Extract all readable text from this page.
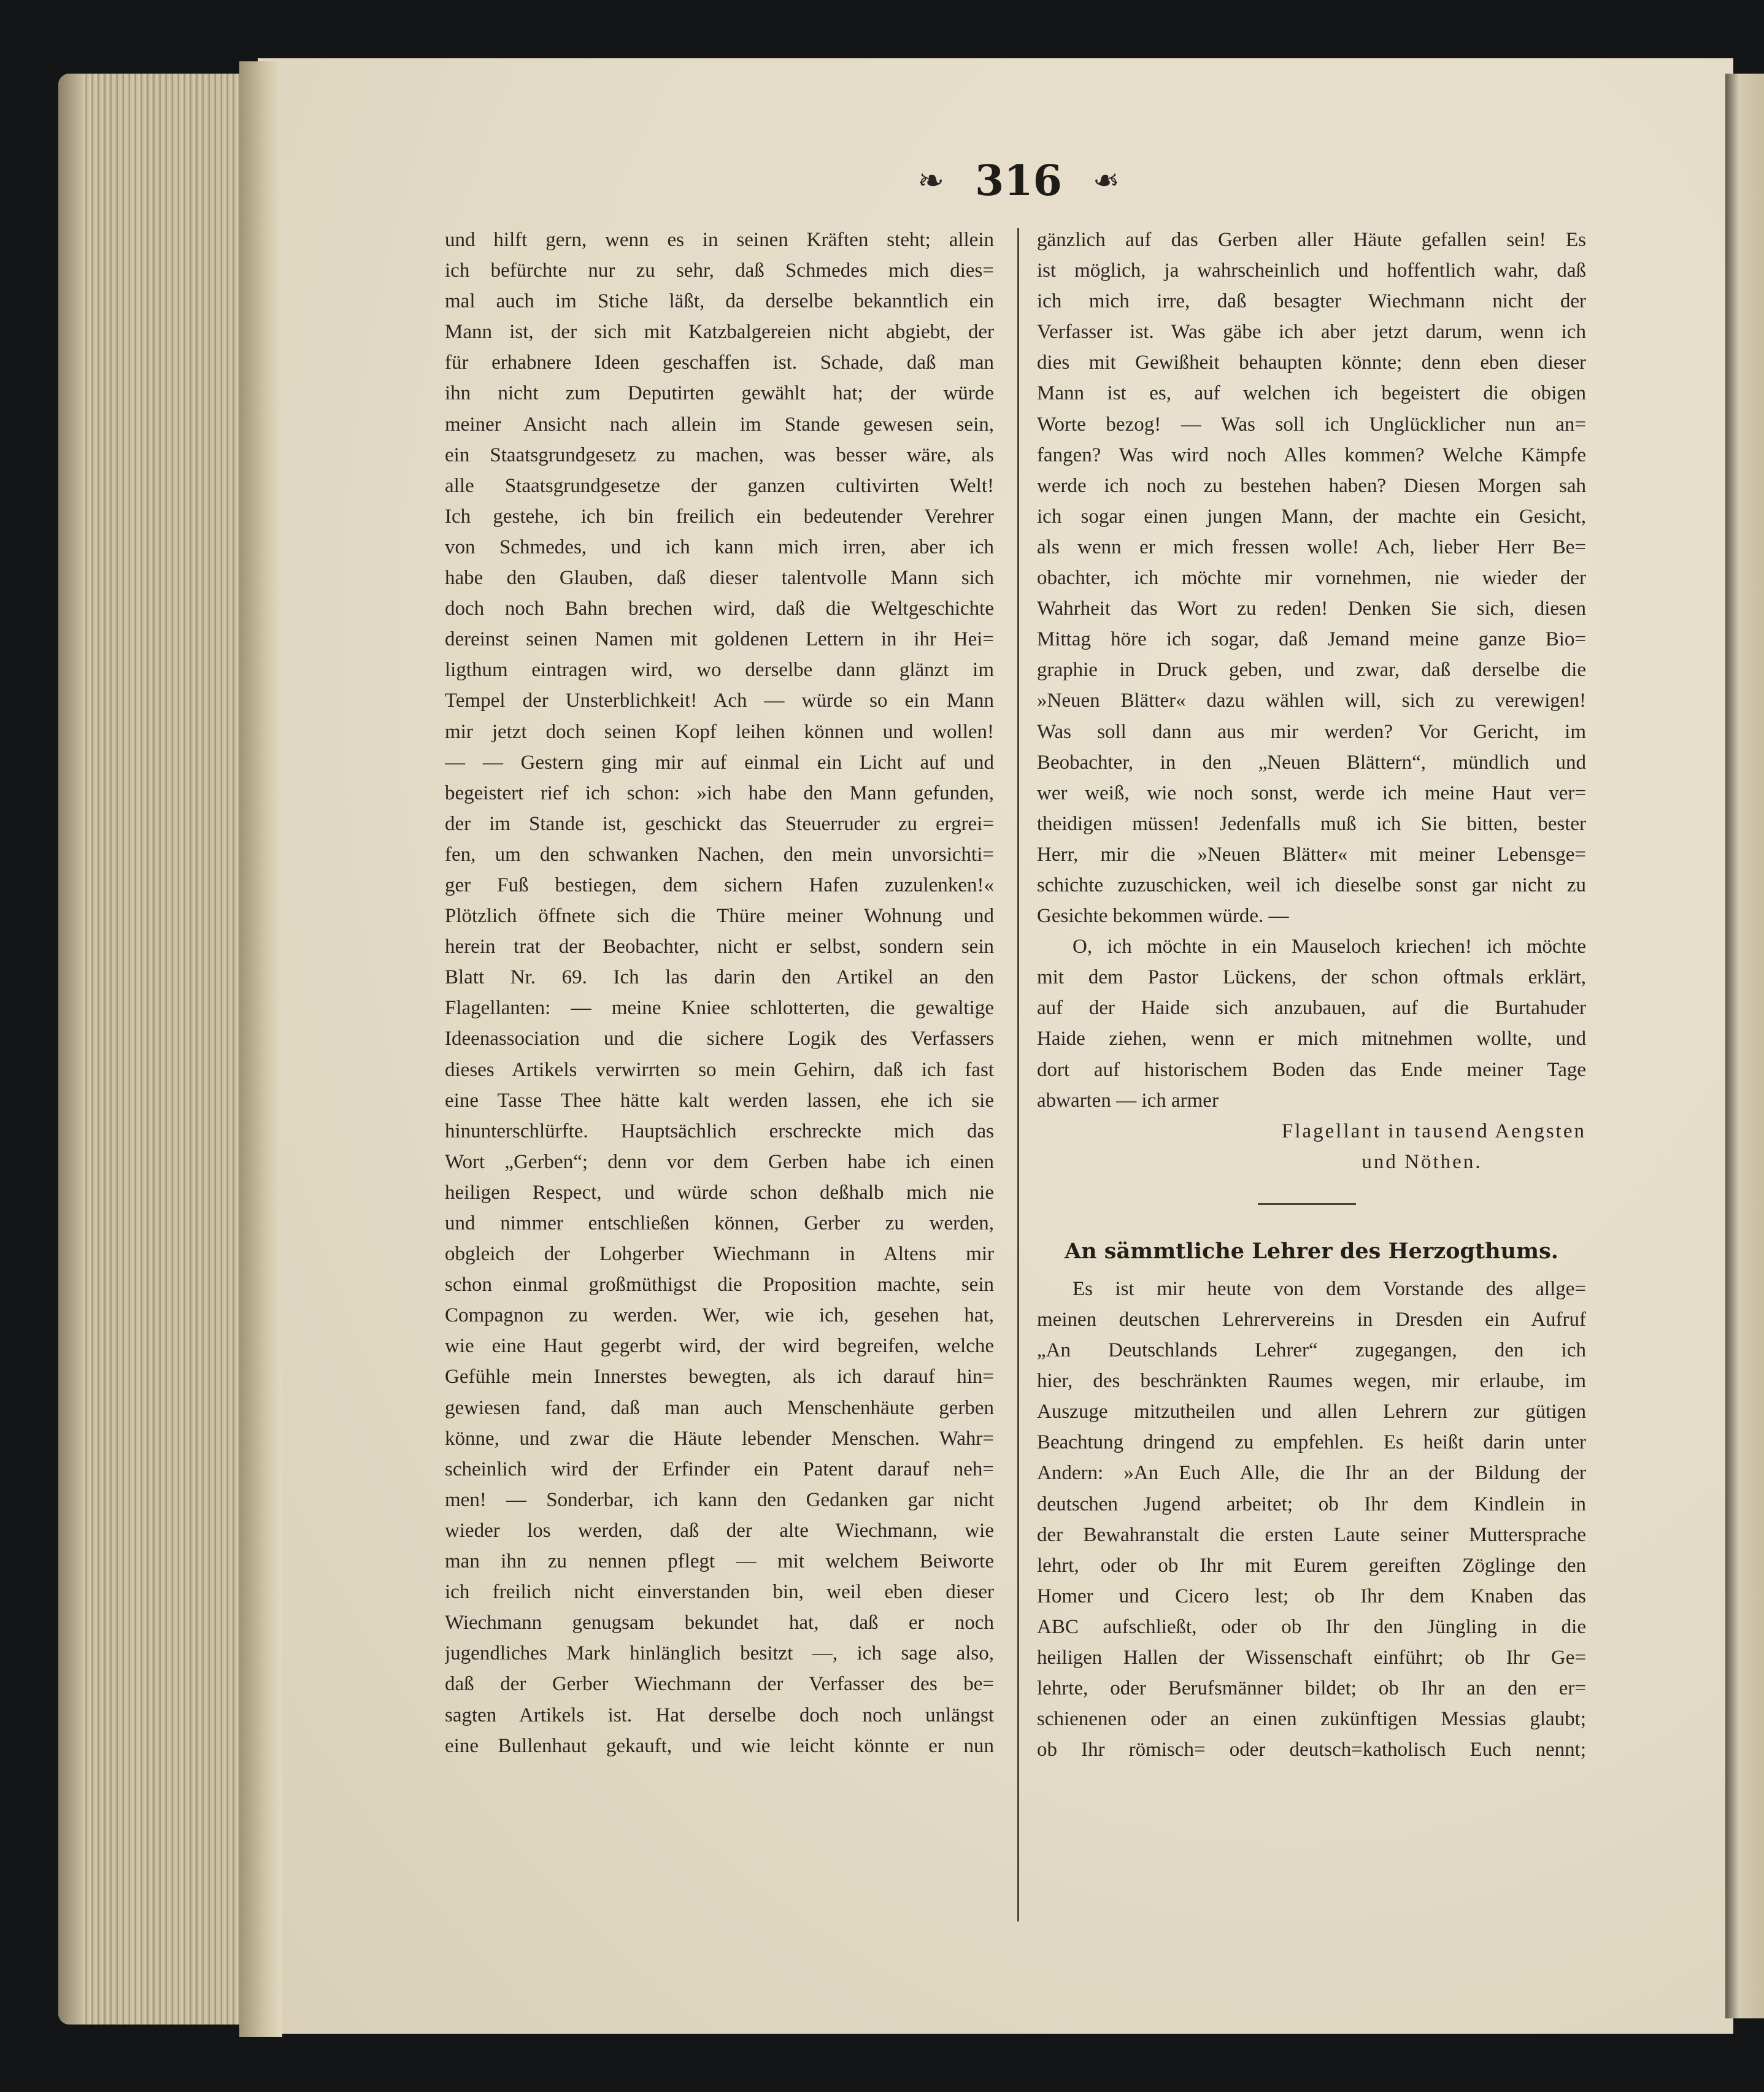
❧ 316 ❧

und hilft gern, wenn es in seinen Kräften steht; allein

ich befürchte nur zu sehr, daß Schmedes mich dies=

mal auch im Stiche läßt, da derselbe bekanntlich ein

Mann ist, der sich mit Katzbalgereien nicht abgiebt, der

für erhabnere Ideen geschaffen ist. Schade, daß man

ihn nicht zum Deputirten gewählt hat; der würde

meiner Ansicht nach allein im Stande gewesen sein,

ein Staatsgrundgesetz zu machen, was besser wäre, als

alle Staatsgrundgesetze der ganzen cultivirten Welt!

Ich gestehe, ich bin freilich ein bedeutender Verehrer

von Schmedes, und ich kann mich irren, aber ich

habe den Glauben, daß dieser talentvolle Mann sich

doch noch Bahn brechen wird, daß die Weltgeschichte

dereinst seinen Namen mit goldenen Lettern in ihr Hei=

ligthum eintragen wird, wo derselbe dann glänzt im

Tempel der Unsterblichkeit! Ach — würde so ein Mann

mir jetzt doch seinen Kopf leihen können und wollen!

— — Gestern ging mir auf einmal ein Licht auf und

begeistert rief ich schon: »ich habe den Mann gefunden,

der im Stande ist, geschickt das Steuerruder zu ergrei=

fen, um den schwanken Nachen, den mein unvorsichti=

ger Fuß bestiegen, dem sichern Hafen zuzulenken!«

Plötzlich öffnete sich die Thüre meiner Wohnung und

herein trat der Beobachter, nicht er selbst, sondern sein

Blatt Nr. 69. Ich las darin den Artikel an den

Flagellanten: — meine Kniee schlotterten, die gewaltige

Ideenassociation und die sichere Logik des Verfassers

dieses Artikels verwirrten so mein Gehirn, daß ich fast

eine Tasse Thee hätte kalt werden lassen, ehe ich sie

hinunterschlürfte. Hauptsächlich erschreckte mich das

Wort „Gerben“; denn vor dem Gerben habe ich einen

heiligen Respect, und würde schon deßhalb mich nie

und nimmer entschließen können, Gerber zu werden,

obgleich der Lohgerber Wiechmann in Altens mir

schon einmal großmüthigst die Proposition machte, sein

Compagnon zu werden. Wer, wie ich, gesehen hat,

wie eine Haut gegerbt wird, der wird begreifen, welche

Gefühle mein Innerstes bewegten, als ich darauf hin=

gewiesen fand, daß man auch Menschenhäute gerben

könne, und zwar die Häute lebender Menschen. Wahr=

scheinlich wird der Erfinder ein Patent darauf neh=

men! — Sonderbar, ich kann den Gedanken gar nicht

wieder los werden, daß der alte Wiechmann, wie

man ihn zu nennen pflegt — mit welchem Beiworte

ich freilich nicht einverstanden bin, weil eben dieser

Wiechmann genugsam bekundet hat, daß er noch

jugendliches Mark hinlänglich besitzt —, ich sage also,

daß der Gerber Wiechmann der Verfasser des be=

sagten Artikels ist. Hat derselbe doch noch unlängst

eine Bullenhaut gekauft, und wie leicht könnte er nun

gänzlich auf das Gerben aller Häute gefallen sein! Es

ist möglich, ja wahrscheinlich und hoffentlich wahr, daß

ich mich irre, daß besagter Wiechmann nicht der

Verfasser ist. Was gäbe ich aber jetzt darum, wenn ich

dies mit Gewißheit behaupten könnte; denn eben dieser

Mann ist es, auf welchen ich begeistert die obigen

Worte bezog! — Was soll ich Unglücklicher nun an=

fangen? Was wird noch Alles kommen? Welche Kämpfe

werde ich noch zu bestehen haben? Diesen Morgen sah

ich sogar einen jungen Mann, der machte ein Gesicht,

als wenn er mich fressen wolle! Ach, lieber Herr Be=

obachter, ich möchte mir vornehmen, nie wieder der

Wahrheit das Wort zu reden! Denken Sie sich, diesen

Mittag höre ich sogar, daß Jemand meine ganze Bio=

graphie in Druck geben, und zwar, daß derselbe die

»Neuen Blätter« dazu wählen will, sich zu verewigen!

Was soll dann aus mir werden? Vor Gericht, im

Beobachter, in den „Neuen Blättern“, mündlich und

wer weiß, wie noch sonst, werde ich meine Haut ver=

theidigen müssen! Jedenfalls muß ich Sie bitten, bester

Herr, mir die »Neuen Blätter« mit meiner Lebensge=

schichte zuzuschicken, weil ich dieselbe sonst gar nicht zu

Gesichte bekommen würde. —

O, ich möchte in ein Mauseloch kriechen! ich möchte

mit dem Pastor Lückens, der schon oftmals erklärt,

auf der Haide sich anzubauen, auf die Burtahuder

Haide ziehen, wenn er mich mitnehmen wollte, und

dort auf historischem Boden das Ende meiner Tage

abwarten — ich armer

Flagellant in tausend Aengsten

und Nöthen.

An sämmtliche Lehrer des Herzogthums.

Es ist mir heute von dem Vorstande des allge=

meinen deutschen Lehrervereins in Dresden ein Aufruf

„An Deutschlands Lehrer“ zugegangen, den ich

hier, des beschränkten Raumes wegen, mir erlaube, im

Auszuge mitzutheilen und allen Lehrern zur gütigen

Beachtung dringend zu empfehlen. Es heißt darin unter

Andern: »An Euch Alle, die Ihr an der Bildung der

deutschen Jugend arbeitet; ob Ihr dem Kindlein in

der Bewahranstalt die ersten Laute seiner Muttersprache

lehrt, oder ob Ihr mit Eurem gereiften Zöglinge den

Homer und Cicero lest; ob Ihr dem Knaben das

ABC aufschließt, oder ob Ihr den Jüngling in die

heiligen Hallen der Wissenschaft einführt; ob Ihr Ge=

lehrte, oder Berufsmänner bildet; ob Ihr an den er=

schienenen oder an einen zukünftigen Messias glaubt;

ob Ihr römisch= oder deutsch=katholisch Euch nennt;
